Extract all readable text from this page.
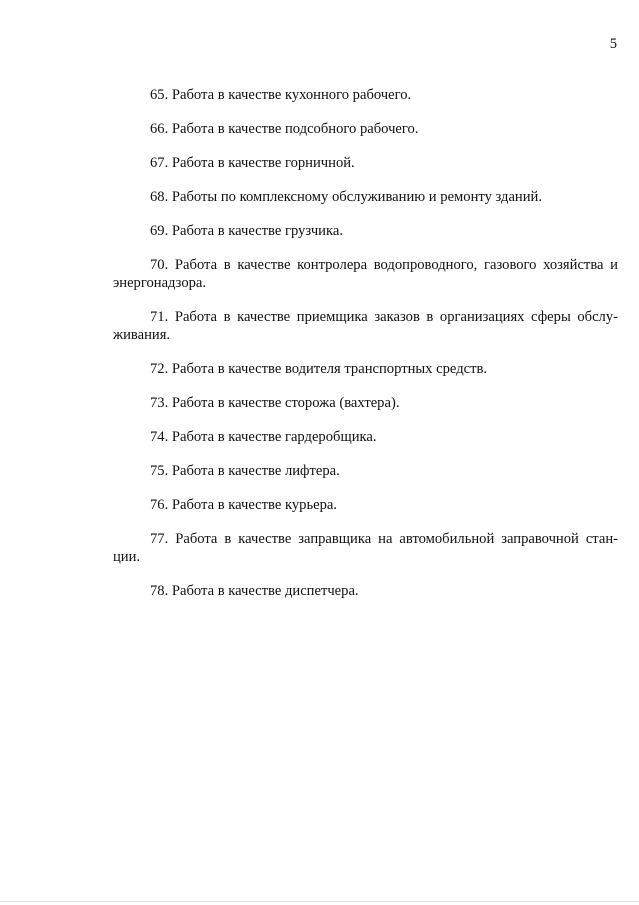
5

65. Работа в качестве кухонного рабочего.

66. Работа в качестве подсобного рабочего.

67. Работа в качестве горничной.

68. Работы по комплексному обслуживанию и ремонту зданий.

69. Работа в качестве грузчика.

70. Работа в качестве контролера водопроводного, газового хозяйства и энергонадзора.

71. Работа в качестве приемщика заказов в организациях сферы обслу-живания.

72. Работа в качестве водителя транспортных средств.

73. Работа в качестве сторожа (вахтера).

74. Работа в качестве гардеробщика.

75. Работа в качестве лифтера.

76. Работа в качестве курьера.

77. Работа в качестве заправщика на автомобильной заправочной стан-ции.

78. Работа в качестве диспетчера.
